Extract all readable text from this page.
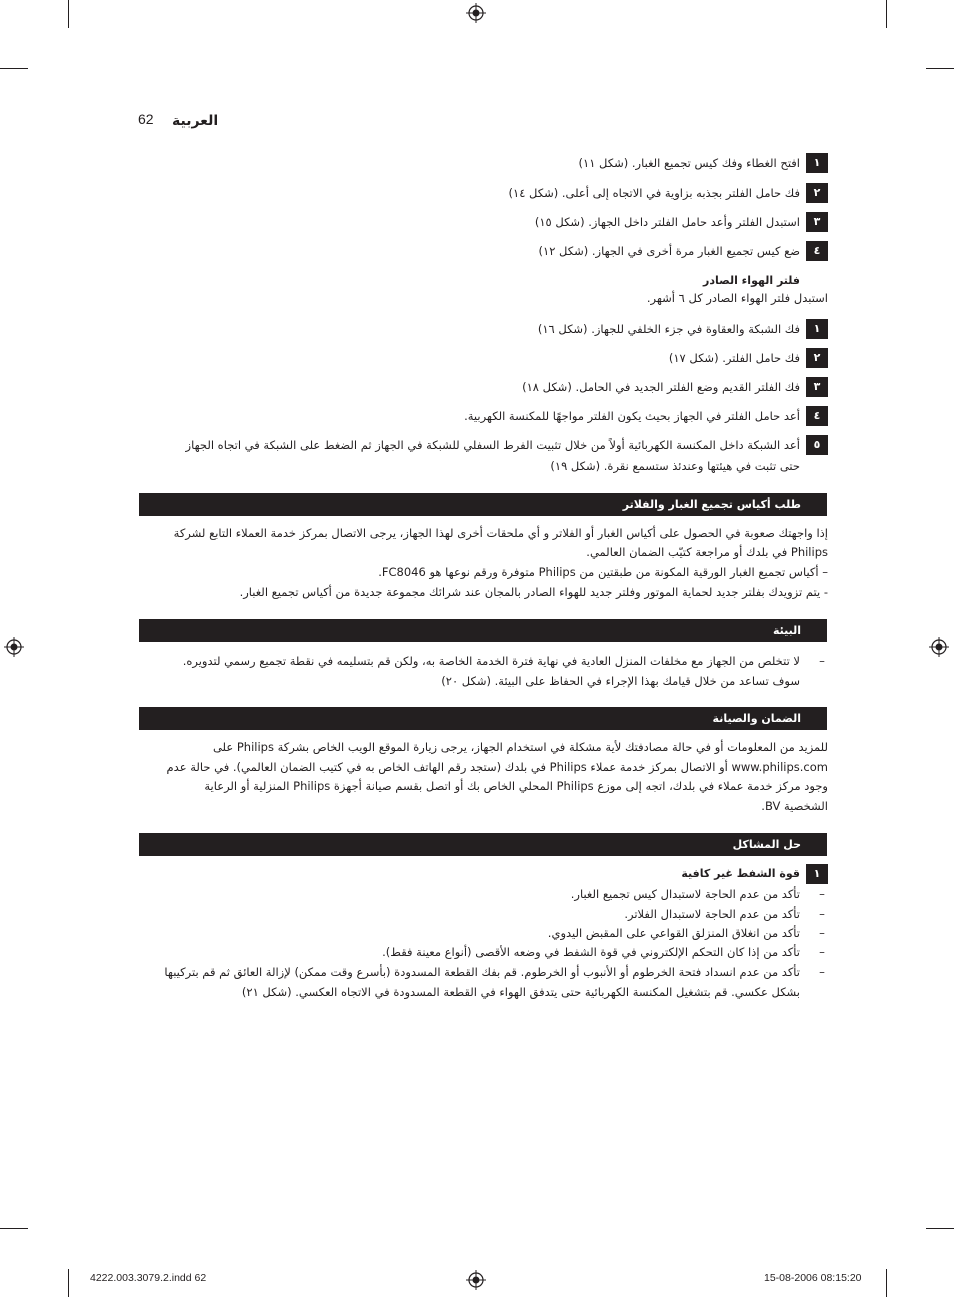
62 العربية
١
افتح الغطاء وفك كيس تجميع الغبار. (شكل ١١)
٢
فك حامل الفلتر بجذبه بزاوية في الاتجاه إلى أعلى. (شكل ١٤)
٣
استبدل الفلتر وأعد حامل الفلتر داخل الجهاز. (شكل ١٥)
٤
ضع كيس تجميع الغبار مرة أخرى في الجهاز. (شكل ١٢)
فلتر الهواء الصادر
استبدل فلتر الهواء الصادر كل ٦ أشهر.
١
فك الشبكة والعقاوة في جزء الخلفي للجهاز. (شكل ١٦)
٢
فك حامل الفلتر. (شكل ١٧)
٣
فك الفلتر القديم وضع الفلتر الجديد في الحامل. (شكل ١٨)
٤
أعد حامل الفلتر في الجهاز بحيث يكون الفلتر مواجهًا للمكنسة الكهربية.
٥
أعد الشبكة داخل المكنسة الكهربائية أولاً من خلال تثبيت الفرط السفلي للشبكة في الجهاز ثم الضغط على الشبكة في اتجاه الجهاز
حتى تثبت في هيئتها وعندئذ ستسمع نقرة. (شكل ١٩)
طلب أكياس تجميع الغبار والفلاتر
إذا واجهتك صعوبة في الحصول على أكياس الغبار أو الفلاتر و أي ملحقات أخرى لهذا الجهاز، يرجى الاتصال بمركز خدمة العملاء التابع لشركة
Philips في بلدك أو مراجعة كتيّب الضمان العالمي.
– أكياس تجميع الغبار الورقية المكونة من طبقتين من Philips متوفرة ورقم نوعها هو FC8046.
- يتم تزويدك بفلتر جديد لحماية الموتور وفلتر جديد للهواء الصادر بالمجان عند شرائك مجموعة جديدة من أكياس تجميع الغبار.
البيئة
–
لا تتخلص من الجهاز مع مخلفات المنزل العادية في نهاية فترة الخدمة الخاصة به، ولكن قم بتسليمه في نقطة تجميع رسمي لتدويره.
سوف تساعد من خلال قيامك بهذا الإجراء في الحفاظ على البيئة. (شكل ٢٠)
الضمان والصيانة
للمزيد من المعلومات أو في حالة مصادفتك لأية مشكلة في استخدام الجهاز، يرجى زيارة الموقع الويب الخاص بشركة Philips على
www.philips.com أو الاتصال بمركز خدمة عملاء Philips في بلدك (ستجد رقم الهاتف الخاص به في كتيب الضمان العالمي). في حالة عدم
وجود مركز خدمة عملاء في بلدك، اتجه إلى موزع Philips المحلي الخاص بك أو اتصل بقسم صيانة أجهزة Philips المنزلية أو الرعاية
الشخصية BV.
حل المشاكل
١
قوة الشفط غير كافية
–
تأكد من عدم الحاجة لاستبدال كيس تجميع الغبار.
–
تأكد من عدم الحاجة لاستبدال الفلاتر.
–
تأكد من انغلاق المنزلق القواعي على المقبض اليدوي.
–
تأكد من إذا كان التحكم الإلكتروني في قوة الشفط في وضعه الأقصى (أنواع معينة فقط).
–
تأكد من عدم انسداد فتحة الخرطوم أو الأنبوب أو الخرطوم. قم بفك القطعة المسدودة (بأسرع وقت ممكن) لإزالة العائق ثم قم بتركيبها
بشكل عكسي. قم بتشغيل المكنسة الكهربائية حتى يتدفق الهواء في القطعة المسدودة في الاتجاه العكسي. (شكل ٢١)
4222.003.3079.2.indd 62	15-08-2006 08:15:20
